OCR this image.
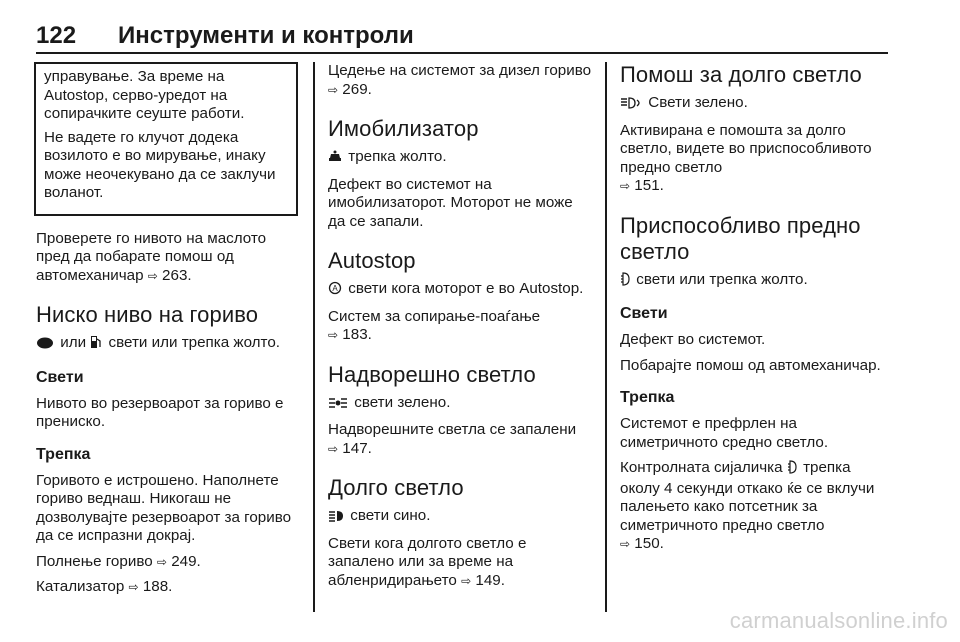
122 Инструменти и контроли

управување. За време на Autostop, серво-уредот на сопирачките сеуште работи.

Не вадете го клучот додека возилото е во мирување, инаку може неочекувано да се заклучи воланот.

Проверете го нивото на маслото пред да побарате помош од автомеханичар ⇨ 263.

Ниско ниво на гориво

или свети или трепка жолто.

Свети

Нивото во резервоарот за гориво е прениско.

Трепка

Горивото е истрошено. Наполнете гориво веднаш. Никогаш не дозволувајте резервоарот за гориво да се испразни докрај.

Полнење гориво ⇨ 249.

Катализатор ⇨ 188.

Цедење на системот за дизел гориво ⇨ 269.

Имобилизатор

трепка жолто.

Дефект во системот на имобилизаторот. Моторот не може да се запали.

Autostop

A свети кога моторот е во Autostop.

Систем за сопирање-поаѓање
⇨ 183.

Надворешно светло

свети зелено.

Надворешните светла се запалени
⇨ 147.

Долго светло

свети сино.

Свети кога долгото светло е запалено или за време на абленридирањето ⇨ 149.

Помош за долго светло

Свети зелено.

Активирана е помошта за долго светло, видете во приспособливото предно светло
⇨ 151.

Приспособливо предно светло

свети или трепка жолто.

Свети

Дефект во системот.

Побарајте помош од автомеханичар.

Трепка

Системот е префрлен на симетричното средно светло.

Контролната сијаличка трепка околу 4 секунди откако ќе се вклучи палењето како потсетник за симетричното предно светло
⇨ 150.

carmanualsonline.info
